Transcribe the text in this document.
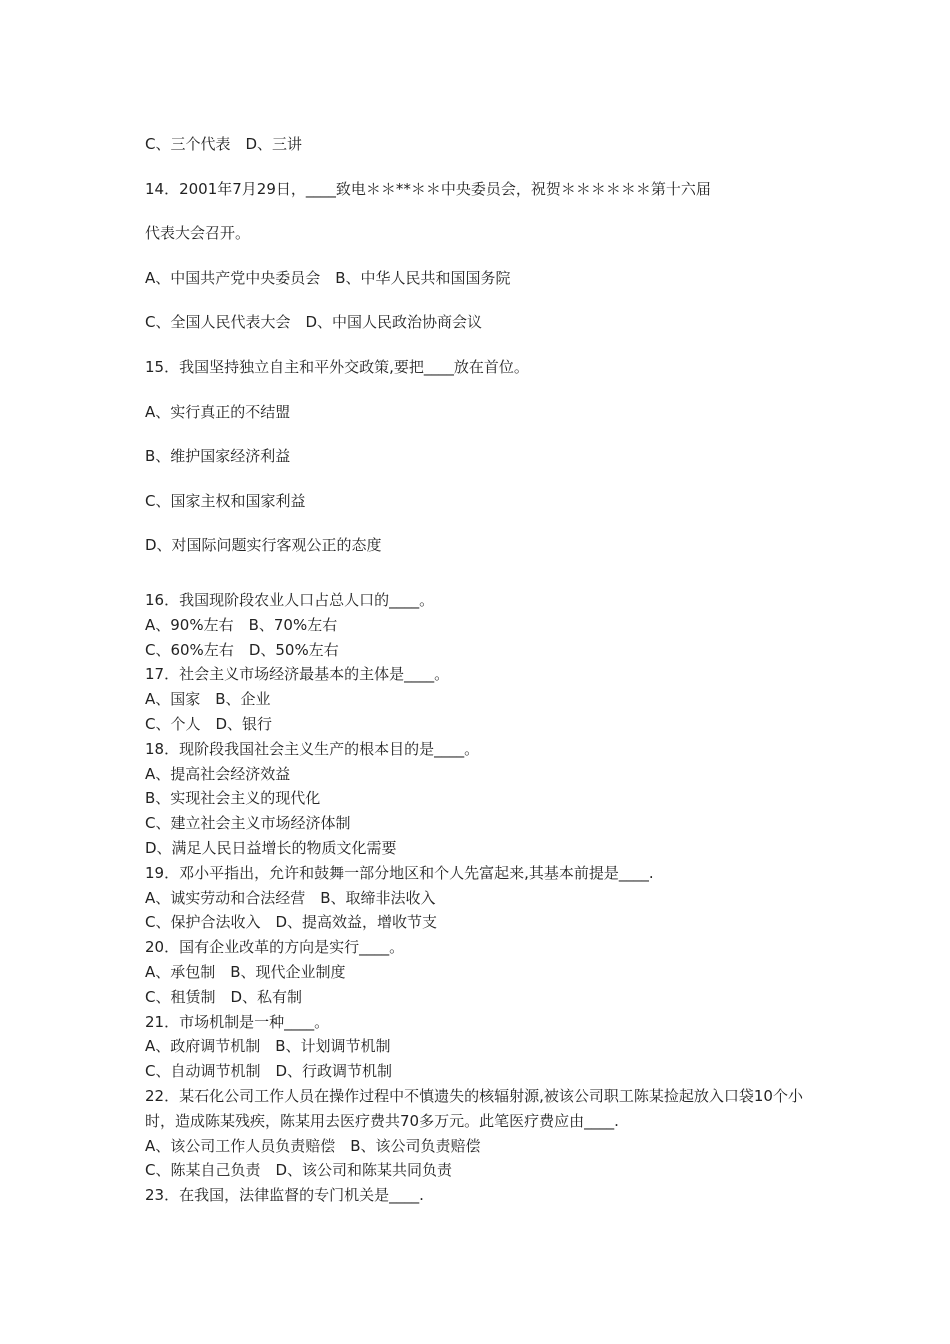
C、三个代表　D、三讲
14．2001年7月29日，____致电＊＊**＊＊中央委员会，祝贺＊＊＊＊＊＊第十六届
代表大会召开。
A、中国共产党中央委员会　B、中华人民共和国国务院
C、全国人民代表大会　D、中国人民政治协商会议
15．我国坚持独立自主和平外交政策,要把____放在首位。
A、实行真正的不结盟
B、维护国家经济利益
C、国家主权和国家利益
D、对国际问题实行客观公正的态度
16．我国现阶段农业人口占总人口的____。
A、90%左右　B、70%左右
C、60%左右　D、50%左右
17．社会主义市场经济最基本的主体是____。
A、国家　B、企业
C、个人　D、银行
18．现阶段我国社会主义生产的根本目的是____。
A、提高社会经济效益
B、实现社会主义的现代化
C、建立社会主义市场经济体制
D、满足人民日益增长的物质文化需要
19．邓小平指出，允许和鼓舞一部分地区和个人先富起来,其基本前提是____.
A、诚实劳动和合法经营　B、取缔非法收入
C、保护合法收入　D、提高效益，增收节支
20．国有企业改革的方向是实行____。
A、承包制　B、现代企业制度
C、租赁制　D、私有制
21．市场机制是一种____。
A、政府调节机制　B、计划调节机制
C、自动调节机制　D、行政调节机制
22．某石化公司工作人员在操作过程中不慎遗失的核辐射源,被该公司职工陈某捡起放入口袋10个小时，造成陈某残疾，陈某用去医疗费共70多万元。此笔医疗费应由____.
A、该公司工作人员负责赔偿　B、该公司负责赔偿
C、陈某自己负责　D、该公司和陈某共同负责
23．在我国，法律监督的专门机关是____.
